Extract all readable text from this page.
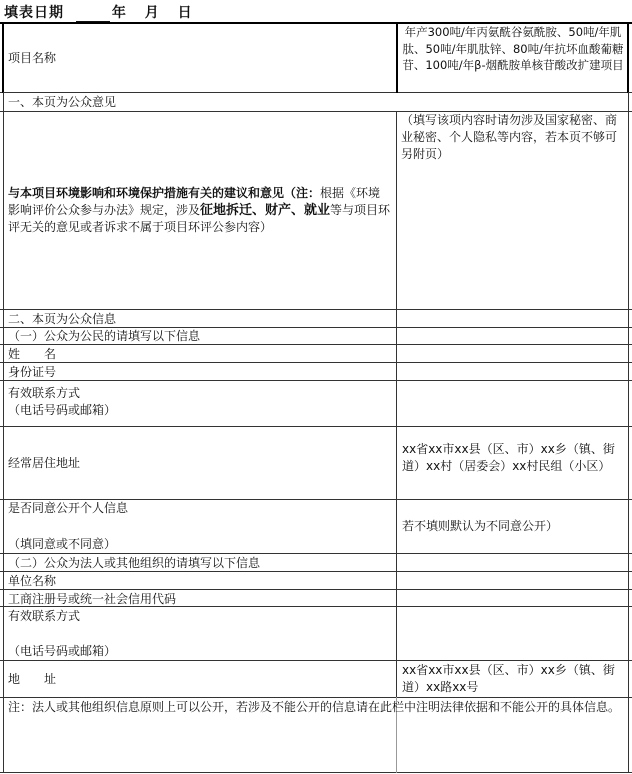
填表日期	年 月 日
项目名称
年产300吨/年丙氨酰谷氨酰胺、50吨/年肌肽、50吨/年肌肽锌、80吨/年抗坏血酸葡糖苷、100吨/年β-烟酰胺单核苷酸改扩建项目
一、本页为公众意见
与本项目环境影响和环境保护措施有关的建议和意见（注：根据《环境影响评价公众参与办法》规定，涉及征地拆迁、财产、就业等与项目环评无关的意见或者诉求不属于项目环评公参内容）
（填写该项内容时请勿涉及国家秘密、商业秘密、个人隐私等内容，若本页不够可另附页）
二、本页为公众信息
（一）公众为公民的请填写以下信息
姓　　名
身份证号
有效联系方式
（电话号码或邮箱）
经常居住地址
xx省xx市xx县（区、市）xx乡（镇、街道）xx村（居委会）xx村民组（小区）
是否同意公开个人信息
（填同意或不同意）
若不填则默认为不同意公开）
（二）公众为法人或其他组织的请填写以下信息
单位名称
工商注册号或统一社会信用代码
有效联系方式
（电话号码或邮箱）
地　　址
xx省xx市xx县（区、市）xx乡（镇、街道）xx路xx号
注：法人或其他组织信息原则上可以公开，若涉及不能公开的信息请在此栏中注明法律依据和不能公开的具体信息。
